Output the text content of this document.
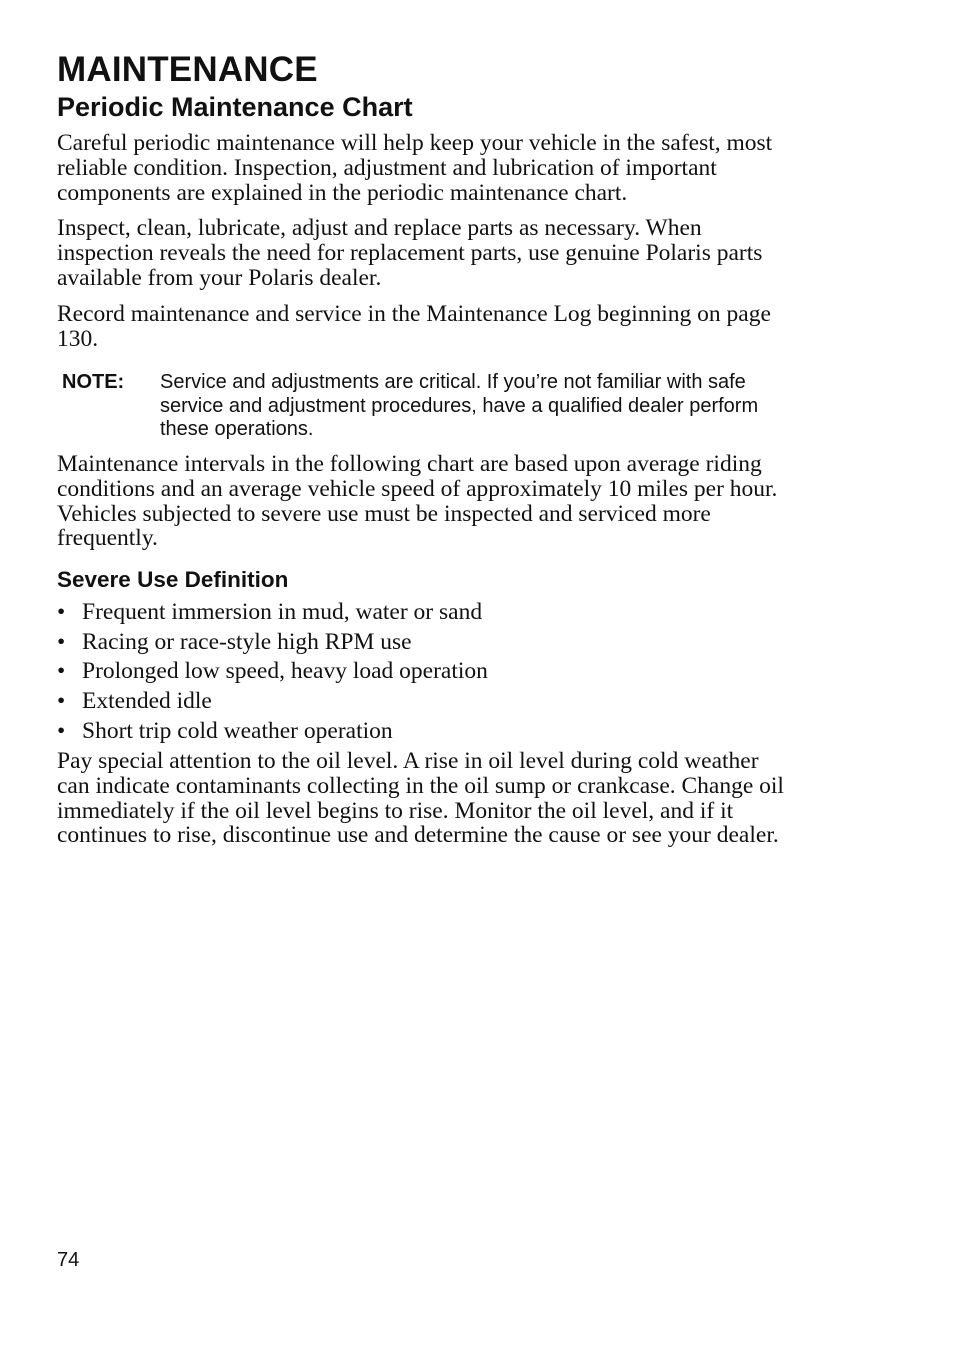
MAINTENANCE
Periodic Maintenance Chart

Careful periodic maintenance will help keep your vehicle in the safest, most reliable condition. Inspection, adjustment and lubrication of important components are explained in the periodic maintenance chart.

Inspect, clean, lubricate, adjust and replace parts as necessary. When inspection reveals the need for replacement parts, use genuine Polaris parts available from your Polaris dealer.

Record maintenance and service in the Maintenance Log beginning on page 130.

NOTE: Service and adjustments are critical. If you’re not familiar with safe service and adjustment procedures, have a qualified dealer perform these operations.

Maintenance intervals in the following chart are based upon average riding conditions and an average vehicle speed of approximately 10 miles per hour. Vehicles subjected to severe use must be inspected and serviced more frequently.

Severe Use Definition
• Frequent immersion in mud, water or sand
• Racing or race-style high RPM use
• Prolonged low speed, heavy load operation
• Extended idle
• Short trip cold weather operation

Pay special attention to the oil level. A rise in oil level during cold weather can indicate contaminants collecting in the oil sump or crankcase. Change oil immediately if the oil level begins to rise. Monitor the oil level, and if it continues to rise, discontinue use and determine the cause or see your dealer.

74
